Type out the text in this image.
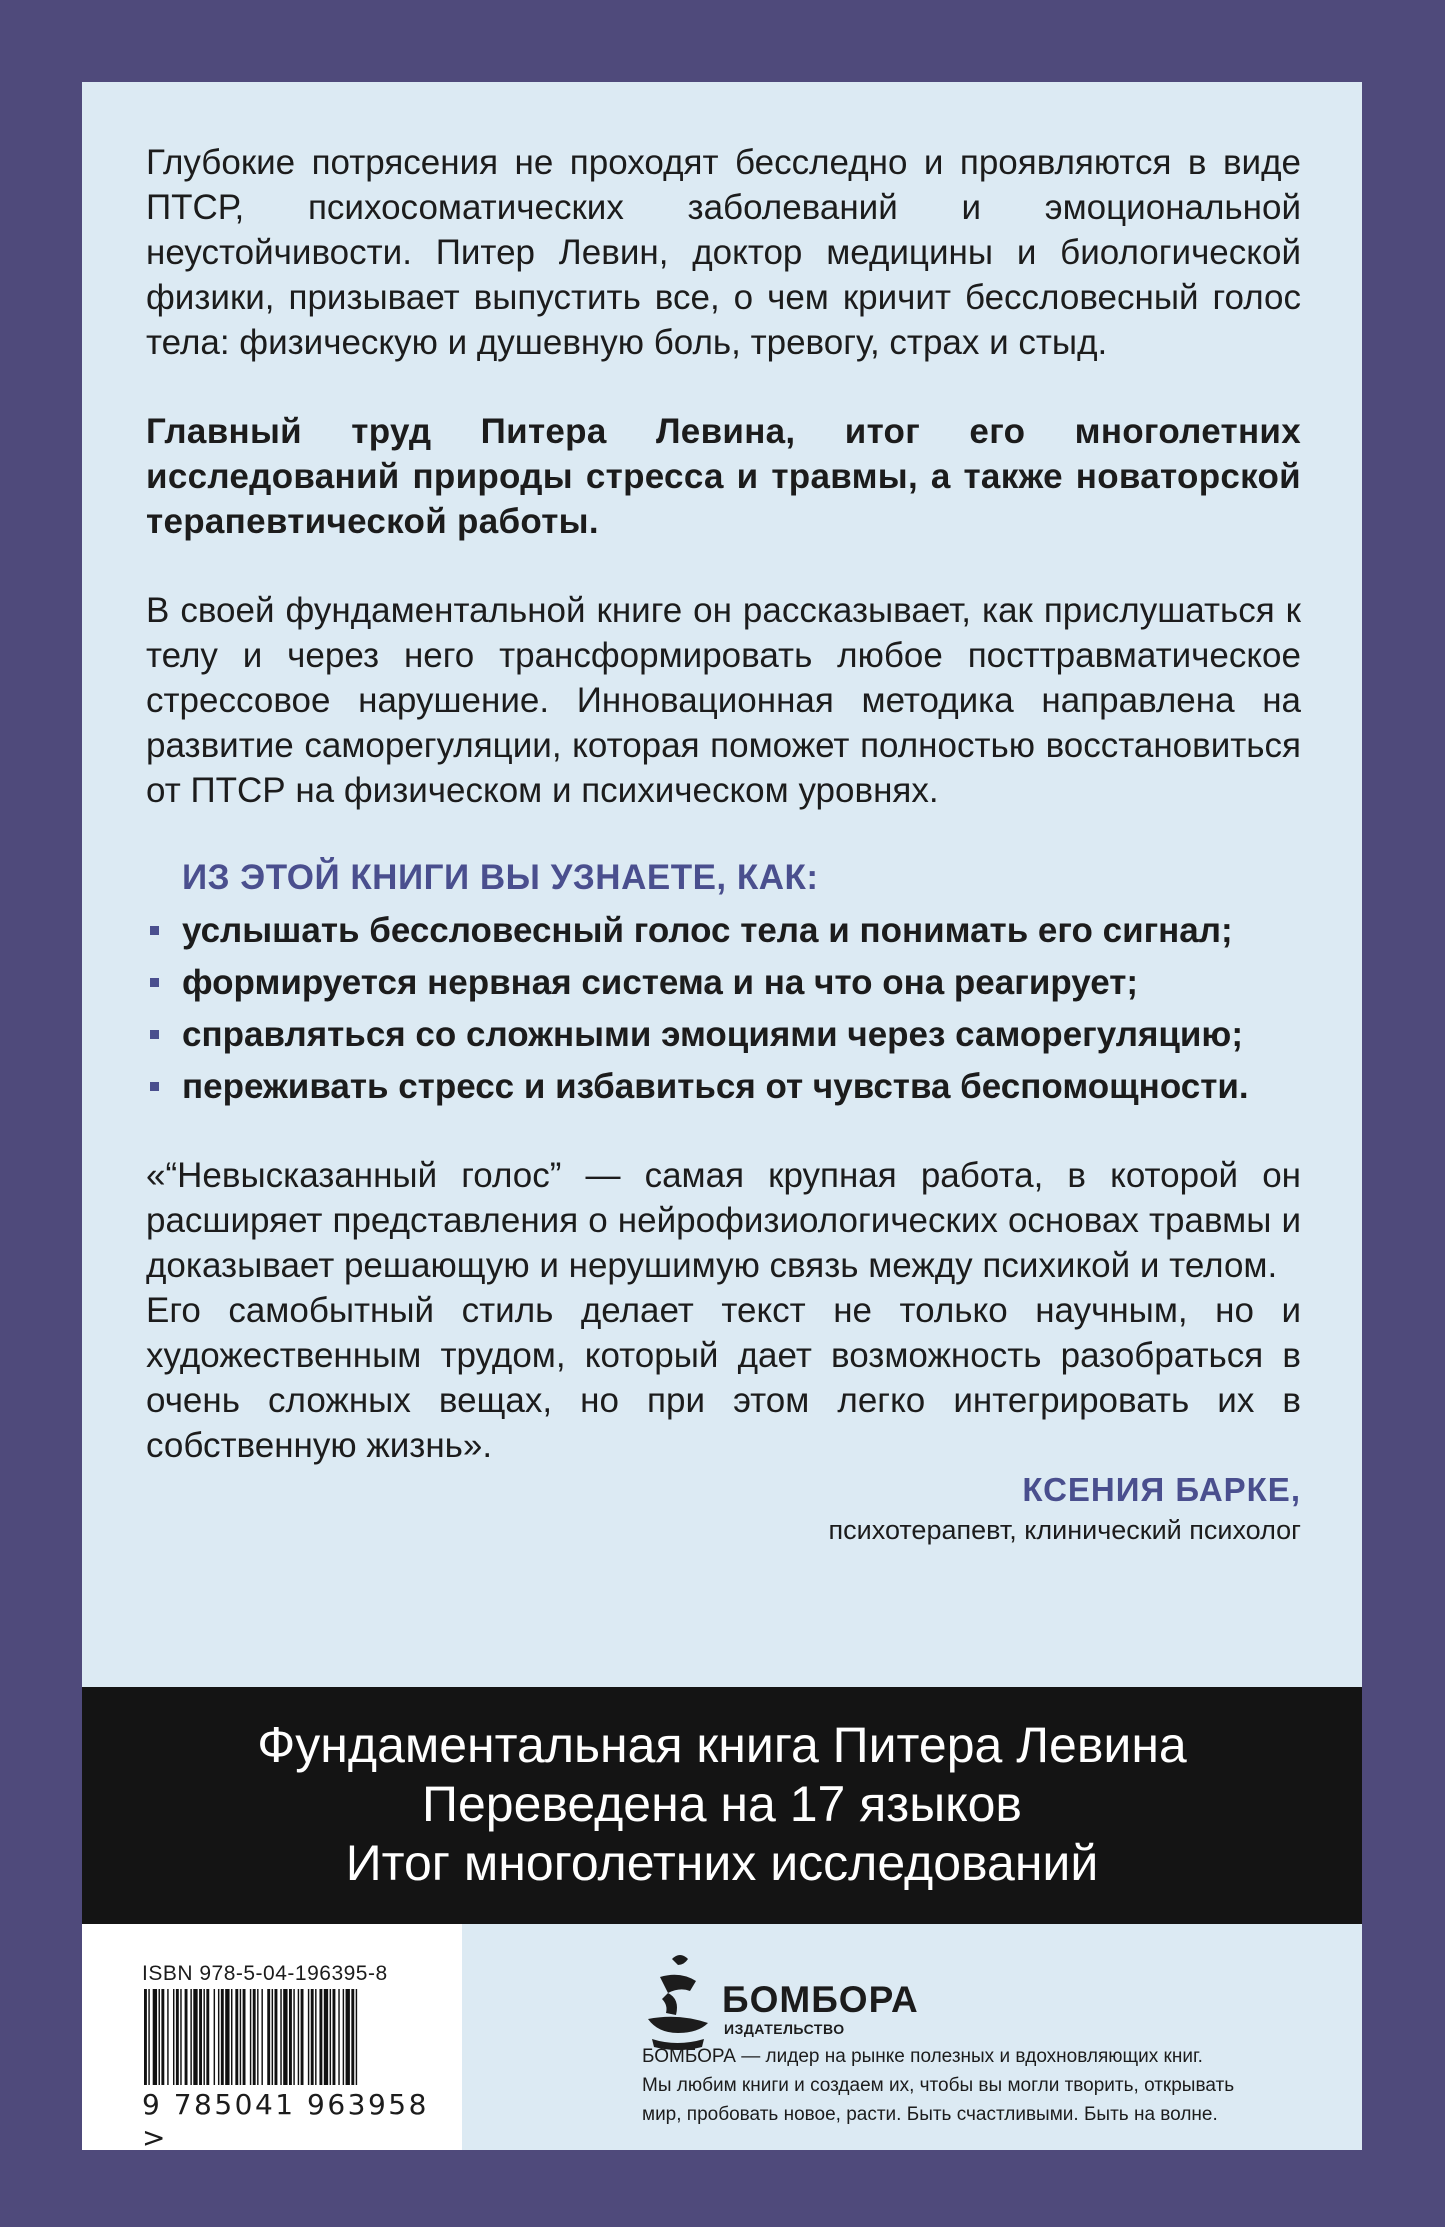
Глубокие потрясения не проходят бесследно и проявляются в виде ПТСР, психосоматических заболеваний и эмоциональной неустойчивости. Питер Левин, доктор медицины и биологической физики, призывает выпустить все, о чем кричит бессловесный голос тела: физическую и душевную боль, тревогу, страх и стыд.

Главный труд Питера Левина, итог его многолетних исследований природы стресса и травмы, а также новаторской терапевтической работы.

В своей фундаментальной книге он рассказывает, как прислушаться к телу и через него трансформировать любое посттравматическое стрессовое нарушение. Инновационная методика направлена на развитие саморегуляции, которая поможет полностью восстановиться от ПТСР на физическом и психическом уровнях.

ИЗ ЭТОЙ КНИГИ ВЫ УЗНАЕТЕ, КАК:
услышать бессловесный голос тела и понимать его сигнал;
формируется нервная система и на что она реагирует;
справляться со сложными эмоциями через саморегуляцию;
переживать стресс и избавиться от чувства беспомощности.

«“Невысказанный голос” — самая крупная работа, в которой он расширяет представления о нейрофизиологических основах травмы и доказывает решающую и нерушимую связь между психикой и телом.

Его самобытный стиль делает текст не только научным, но и художественным трудом, который дает возможность разобраться в очень сложных вещах, но при этом легко интегрировать их в собственную жизнь».

КСЕНИЯ БАРКЕ,
психотерапевт, клинический психолог
Фундаментальная книга Питера Левина
Переведена на 17 языков
Итог многолетних исследований
ISBN 978-5-04-196395-8
9 785041 963958 >
БОМБОРА
ИЗДАТЕЛЬСТВО
БОМБОРА — лидер на рынке полезных и вдохновляющих книг.
Мы любим книги и создаем их, чтобы вы могли творить, открывать
мир, пробовать новое, расти. Быть счастливыми. Быть на волне.
